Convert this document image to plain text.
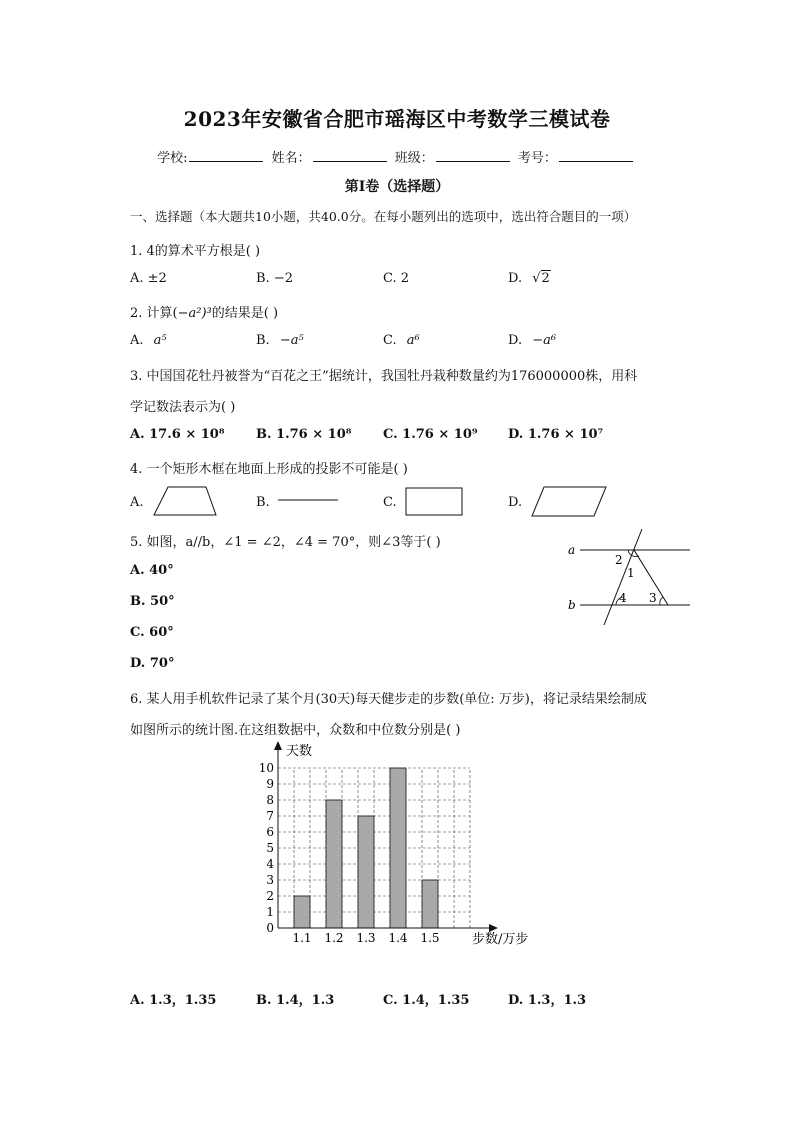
2023年安徽省合肥市瑶海区中考数学三模试卷
学校:	姓名：	班级：	考号：
第I卷（选择题）
一、选择题（本大题共10小题，共40.0分。在每小题列出的选项中，选出符合题目的一项）
1. 4的算术平方根是( )
A. ±2	B. −2	C. 2	D. √2
2. 计算(−a²)³的结果是( )
A. a⁵	B. −a⁵	C. a⁶	D. −a⁶
3. 中国国花牡丹被誉为“百花之王”据统计，我国牡丹栽种数量约为176000000株，用科
学记数法表示为( )
A. 17.6 × 10⁸ B. 1.76 × 10⁸ C. 1.76 × 10⁹ D. 1.76 × 10⁷
4. 一个矩形木框在地面上形成的投影不可能是( )
A.	B.	C.	D.
5. 如图，a//b，∠1 = ∠2，∠4 = 70°，则∠3等于( )
A. 40°
B. 50°
C. 60°
D. 70°
a
b
2
1
4 3
6. 某人用手机软件记录了某个月(30天)每天健步走的步数(单位: 万步)，将记录结果绘制成
如图所示的统计图.在这组数据中，众数和中位数分别是( )
1.1 1.2 1.3 1.4 1.5
0
1
2
3
4
5
6
7
8
9
10
天数
步数/万步
A. 1.3，1.35	B. 1.4，1.3	C. 1.4，1.35	D. 1.3，1.3
